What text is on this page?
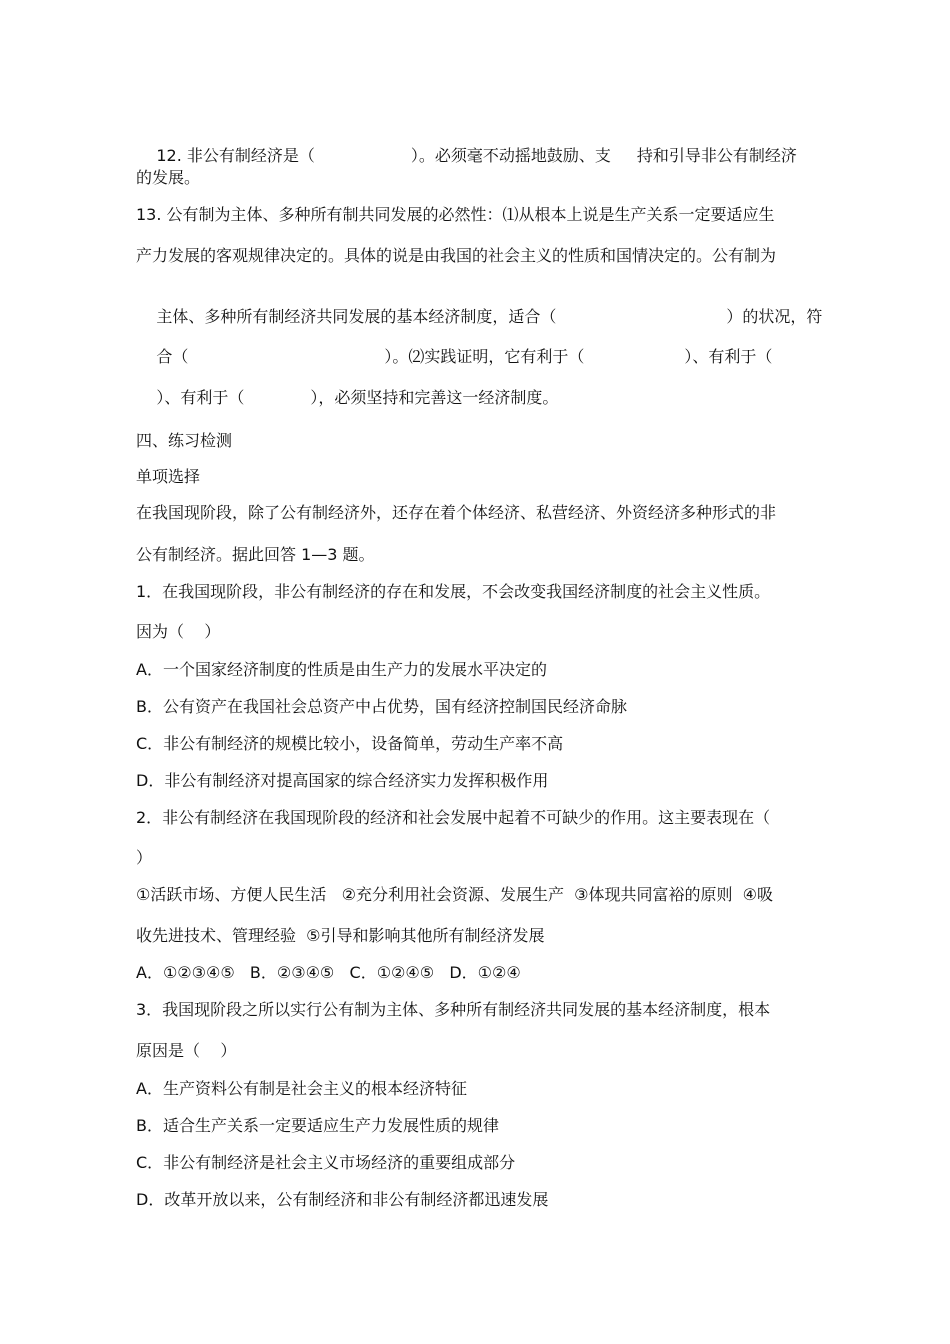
12. 非公有制经济是（	）。必须毫不动摇地鼓励、支 持和引导非公有制经济

的发展。
13. 公有制为主体、多种所有制共同发展的必然性：⑴从根本上说是生产关系一定要适应生
产力发展的客观规律决定的。具体的说是由我国的社会主义的性质和国情决定的。公有制为

主体、多种所有制经济共同发展的基本经济制度，适合（	）的状况，符

合（	）。⑵实践证明，它有利于（	）、有利于（

）、有利于（	），必须坚持和完善这一经济制度。

四、练习检测
单项选择
在我国现阶段，除了公有制经济外，还存在着个体经济、私营经济、外资经济多种形式的非
公有制经济。据此回答 1—3 题。
1．在我国现阶段，非公有制经济的存在和发展，不会改变我国经济制度的社会主义性质。
因为（    ）
A．一个国家经济制度的性质是由生产力的发展水平决定的
B．公有资产在我国社会总资产中占优势，国有经济控制国民经济命脉
C．非公有制经济的规模比较小，设备简单，劳动生产率不高
D．非公有制经济对提高国家的综合经济实力发挥积极作用
2．非公有制经济在我国现阶段的经济和社会发展中起着不可缺少的作用。这主要表现在（
）
①活跃市场、方便人民生活   ②充分利用社会资源、发展生产  ③体现共同富裕的原则  ④吸
收先进技术、管理经验  ⑤引导和影响其他所有制经济发展
A．①②③④⑤   B．②③④⑤   C．①②④⑤   D．①②④
3．我国现阶段之所以实行公有制为主体、多种所有制经济共同发展的基本经济制度，根本
原因是（    ）
A．生产资料公有制是社会主义的根本经济特征
B．适合生产关系一定要适应生产力发展性质的规律
C．非公有制经济是社会主义市场经济的重要组成部分
D．改革开放以来，公有制经济和非公有制经济都迅速发展
